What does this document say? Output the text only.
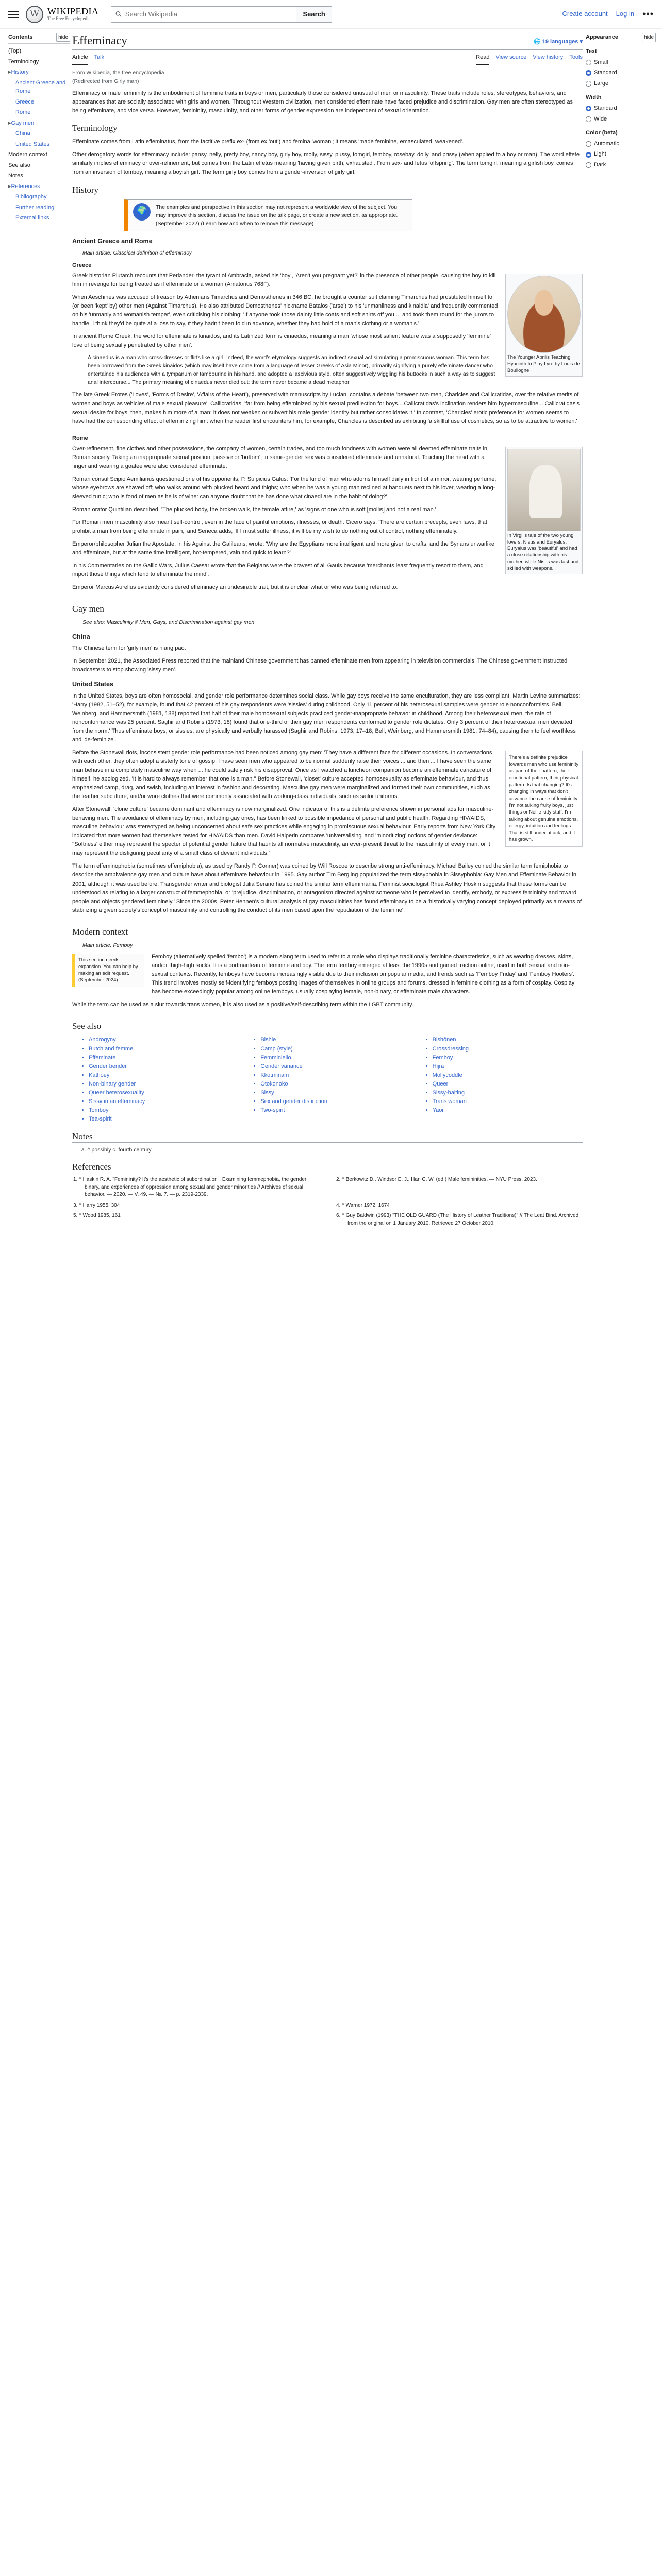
W WIKIPEDIA
The Free Encyclopedia
Search Wikipedia
Search	Create account Log in •••
Contents	hide
(Top)
Terminology
▸ History
Ancient Greece and Rome
Greece
Rome
▸ Gay men
China
United States
Modern context
See also
Notes
▸ References
Bibliography
Further reading
External links
Appearance	hide
Text
Small
Standard
Large
Width
Standard
Wide
Color (beta)
Automatic
Light
Dark
Effeminacy	🌐 19 languages ▾
Article Talk	Read View source View history Tools
From Wikipedia, the free encyclopedia
(Redirected from Girly man)

Effeminacy or male femininity is the embodiment of feminine traits in boys or men, particularly those considered unusual of men or masculinity. These traits include roles, stereotypes, behaviors, and appearances that are socially associated with girls and women. Throughout Western civilization, men considered effeminate have faced prejudice and discrimination. Gay men are often stereotyped as being effeminate, and vice versa. However, femininity, masculinity, and other forms of gender expression are independent of sexual orientation.

Terminology

Effeminate comes from Latin effeminatus, from the factitive prefix ex- (from ex 'out') and femina 'woman'; it means 'made feminine, emasculated, weakened'.

Other derogatory words for effeminacy include: pansy, nelly, pretty boy, nancy boy, girly boy, molly, sissy, pussy, tomgirl, femboy, rosebay, dolly, and prissy (when applied to a boy or man). The word effete similarly implies effeminacy or over-refinement, but comes from the Latin effetus meaning 'having given birth, exhausted'. From sex- and fetus 'offspring'. The term tomgirl, meaning a girlish boy, comes from an inversion of tomboy, meaning a boyish girl. The term girly boy comes from a gender-inversion of girly girl.

History
🌍	The examples and perspective in this section may not represent a worldwide view of the subject. You may improve this section, discuss the issue on the talk page, or create a new section, as appropriate. (September 2022) (Learn how and when to remove this message)
Ancient Greece and Rome
Main article: Classical definition of effeminacy
Greece
The Younger Aprilis Teaching Hyacinth to Play Lyre by Louis de Boullogne

Greek historian Plutarch recounts that Periander, the tyrant of Ambracia, asked his 'boy', 'Aren't you pregnant yet?' in the presence of other people, causing the boy to kill him in revenge for being treated as if effeminate or a woman (Amatorius 768F).

When Aeschines was accused of treason by Athenians Timarchus and Demosthenes in 346 BC, he brought a counter suit claiming Timarchus had prostituted himself to (or been 'kept' by) other men (Against Timarchus). He also attributed Demosthenes' nickname Batalos ('arse') to his 'unmanliness and kinaidia' and frequently commented on his 'unmanly and womanish temper', even criticising his clothing: 'If anyone took those dainty little coats and soft shirts off you ... and took them round for the jurors to handle, I think they'd be quite at a loss to say, if they hadn't been told in advance, whether they had hold of a man's clothing or a woman's.'

In ancient Rome Greek, the word for effeminate is kinaidos, and its Latinized form is cinaedus, meaning a man 'whose most salient feature was a supposedly 'feminine' love of being sexually penetrated by other men'.

A cinaedus is a man who cross-dresses or flirts like a girl. Indeed, the word's etymology suggests an indirect sexual act simulating a promiscuous woman. This term has been borrowed from the Greek kinaidos (which may itself have come from a language of lesser Greeks of Asia Minor), primarily signifying a purely effeminate dancer who entertained his audiences with a tympanum or tambourine in his hand, and adopted a lascivious style, often suggestively wiggling his buttocks in such a way as to suggest anal intercourse... The primary meaning of cinaedus never died out; the term never became a dead metaphor.

The late Greek Erotes ('Loves', 'Forms of Desire', 'Affairs of the Heart'), preserved with manuscripts by Lucian, contains a debate 'between two men, Charicles and Callicratidas, over the relative merits of women and boys as vehicles of male sexual pleasure'. Callicratidas, 'far from being effeminized by his sexual predilection for boys... Callicratidas's inclination renders him hypermasculine... Callicratidas's sexual desire for boys, then, makes him more of a man; it does not weaken or subvert his male gender identity but rather consolidates it.' In contrast, 'Charicles' erotic preference for women seems to have had the corresponding effect of effeminizing him: when the reader first encounters him, for example, Charicles is described as exhibiting 'a skillful use of cosmetics, so as to be attractive to women.'

Rome
In Virgil's tale of the two young lovers, Nisus and Euryalus, Euryalus was 'beautiful' and had a close relationship with his mother, while Nisus was fast and skilled with weapons.

Over-refinement, fine clothes and other possessions, the company of women, certain trades, and too much fondness with women were all deemed effeminate traits in Roman society. Taking an inappropriate sexual position, passive or 'bottom', in same-gender sex was considered effeminate and unnatural. Touching the head with a finger and wearing a goatee were also considered effeminate.

Roman consul Scipio Aemilianus questioned one of his opponents, P. Sulpicius Galus: 'For the kind of man who adorns himself daily in front of a mirror, wearing perfume; whose eyebrows are shaved off; who walks around with plucked beard and thighs; who when he was a young man reclined at banquets next to his lover, wearing a long-sleeved tunic; who is fond of men as he is of wine: can anyone doubt that he has done what cinaedi are in the habit of doing?'

Roman orator Quintilian described, 'The plucked body, the broken walk, the female attire,' as 'signs of one who is soft [mollis] and not a real man.'

For Roman men masculinity also meant self-control, even in the face of painful emotions, illnesses, or death. Cicero says, 'There are certain precepts, even laws, that prohibit a man from being effeminate in pain,' and Seneca adds, 'If I must suffer illness, it will be my wish to do nothing out of control, nothing effeminately.'

Emperor/philosopher Julian the Apostate, in his Against the Galileans, wrote: 'Why are the Egyptians more intelligent and more given to crafts, and the Syrians unwarlike and effeminate, but at the same time intelligent, hot-tempered, vain and quick to learn?'

In his Commentaries on the Gallic Wars, Julius Caesar wrote that the Belgians were the bravest of all Gauls because 'merchants least frequently resort to them, and import those things which tend to effeminate the mind'.

Emperor Marcus Aurelius evidently considered effeminacy an undesirable trait, but it is unclear what or who was being referred to.

Gay men
See also: Masculinity § Men, Gays, and Discrimination against gay men
China

The Chinese term for 'girly men' is niang pao.

In September 2021, the Associated Press reported that the mainland Chinese government has banned effeminate men from appearing in television commercials. The Chinese government instructed broadcasters to stop showing 'sissy men'.

United States

In the United States, boys are often homosocial, and gender role performance determines social class. While gay boys receive the same enculturation, they are less compliant. Martin Levine summarizes: 'Harry (1982, 51–52), for example, found that 42 percent of his gay respondents were 'sissies' during childhood. Only 11 percent of his heterosexual samples were gender role nonconformists. Bell, Weinberg, and Hammersmith (1981, 188) reported that half of their male homosexual subjects practiced gender-inappropriate behavior in childhood. Among their heterosexual men, the rate of nonconformance was 25 percent. Saghir and Robins (1973, 18) found that one-third of their gay men respondents conformed to gender role dictates. Only 3 percent of their heterosexual men deviated from the norm.' Thus effeminate boys, or sissies, are physically and verbally harassed (Saghir and Robins, 1973, 17–18; Bell, Weinberg, and Hammersmith 1981, 74–84), causing them to feel worthless and 'de-feminize'.

There's a definite prejudice towards men who use femininity as part of their pattern, their emotional pattern, their physical pattern. Is that changing? It's changing in ways that don't advance the cause of femininity. I'm not talking fruity boys, just things or Nellie kitty stuff. I'm talking about genuine emotions, energy, intuition and feelings. That is still under attack, and it has grown.

Before the Stonewall riots, inconsistent gender role performance had been noticed among gay men: 'They have a different face for different occasions. In conversations with each other, they often adopt a sisterly tone of gossip. I have seen men who appeared to be normal suddenly raise their voices ... and then ... I have seen the same man behave in a completely masculine way when ... he could safely risk his disapproval. Once as I watched a luncheon companion become an effeminate caricature of himself, he apologized. 'It is hard to always remember that one is a man.'' Before Stonewall, 'closet' culture accepted homosexuality as effeminate behaviour, and thus emphasized camp, drag, and swish, including an interest in fashion and decorating. Masculine gay men were marginalized and formed their own communities, such as the leather subculture, and/or wore clothes that were commonly associated with working-class individuals, such as sailor uniforms.

After Stonewall, 'clone culture' became dominant and effeminacy is now marginalized. One indicator of this is a definite preference shown in personal ads for masculine-behaving men. The avoidance of effeminacy by men, including gay ones, has been linked to possible impedance of personal and public health. Regarding HIV/AIDS, masculine behaviour was stereotyped as being unconcerned about safe sex practices while engaging in promiscuous sexual behaviour. Early reports from New York City indicated that more women had themselves tested for HIV/AIDS than men. David Halperin compares 'universalising' and 'minoritizing' notions of gender deviance: ''Softness' either may represent the specter of potential gender failure that haunts all normative masculinity, an ever-present threat to the masculinity of every man, or it may represent the disfiguring peculiarity of a small class of deviant individuals.'

The term effeminophobia (sometimes effemiphobia), as used by Randy P. Conner) was coined by Will Roscoe to describe strong anti-effeminacy. Michael Bailey coined the similar term femiphobia to describe the ambivalence gay men and culture have about effeminate behaviour in 1995. Gay author Tim Bergling popularized the term sissyphobia in Sissyphobia: Gay Men and Effeminate Behavior in 2001, although it was used before. Transgender writer and biologist Julia Serano has coined the similar term effemimania. Feminist sociologist Rhea Ashley Hoskin suggests that these forms can be understood as relating to a larger construct of femmephobia, or 'prejudice, discrimination, or antagonism directed against someone who is perceived to identify, embody, or express femininity and toward people and objects gendered femininely.' Since the 2000s, Peter Hennen's cultural analysis of gay masculinities has found effeminacy to be a 'historically varying concept deployed primarily as a means of stabilizing a given society's concept of masculinity and controlling the conduct of its men based upon the repudiation of the feminine'.

Modern context
Main article: Femboy
This section needs expansion. You can help by making an edit request. (September 2024)

Femboy (alternatively spelled 'fembo') is a modern slang term used to refer to a male who displays traditionally feminine characteristics, such as wearing dresses, skirts, and/or thigh-high socks. It is a portmanteau of feminine and boy. The term femboy emerged at least the 1990s and gained traction online, used in both sexual and non-sexual contexts. Recently, femboys have become increasingly visible due to their inclusion on popular media, and trends such as 'Femboy Friday' and 'Femboy Hooters'. This trend involves mostly self-identifying femboys posting images of themselves in online groups and forums, dressed in feminine clothing as a form of cosplay. Cosplay has become exceedingly popular among online femboys, usually cosplaying female, non-binary, or effeminate male characters.

While the term can be used as a slur towards trans women, it is also used as a positive/self-describing term within the LGBT community.

See also
• Androgyny	• Bishie	• Bishōnen
• Butch and femme	• Camp (style)	• Crossdressing
• Effeminate	• Femminiello	• Femboy
• Gender bender	• Gender variance	• Hijra
• Kathoey	• Kkotminam	• Mollycoddle
• Non-binary gender	• Otokonoko	• Queer
• Queer heterosexuality	• Sissy	• Sissy-baiting
• Sissy in an effeminacy	• Sex and gender distinction	• Trans woman
• Tomboy	• Two-spirit	• Yaoi
• Tea-spirit
Notes
a. ^ possibly c. fourth century
References
1. ^ Haskin R. A. "Femininity? It's the aesthetic of subordination": Examining femmephobia, the gender binary, and experiences of oppression among sexual and gender minorities // Archives of sexual behavior. — 2020. — V. 49. — №. 7. — p. 2319-2339.
2. ^ Berkowitz D., Windsor E. J., Han C. W. (ed.) Male femininities. — NYU Press, 2023.
3. ^ Harry 1955, 304	4. ^ Warner 1972, 1674
5. ^ Wood 1985, 161	6. ^ Guy Baldwin (1993) "THE OLD GUARD (The History of Leather Traditions)" // The Leat Bind. Archived from the original on 1 January 2010. Retrieved 27 October 2010.
